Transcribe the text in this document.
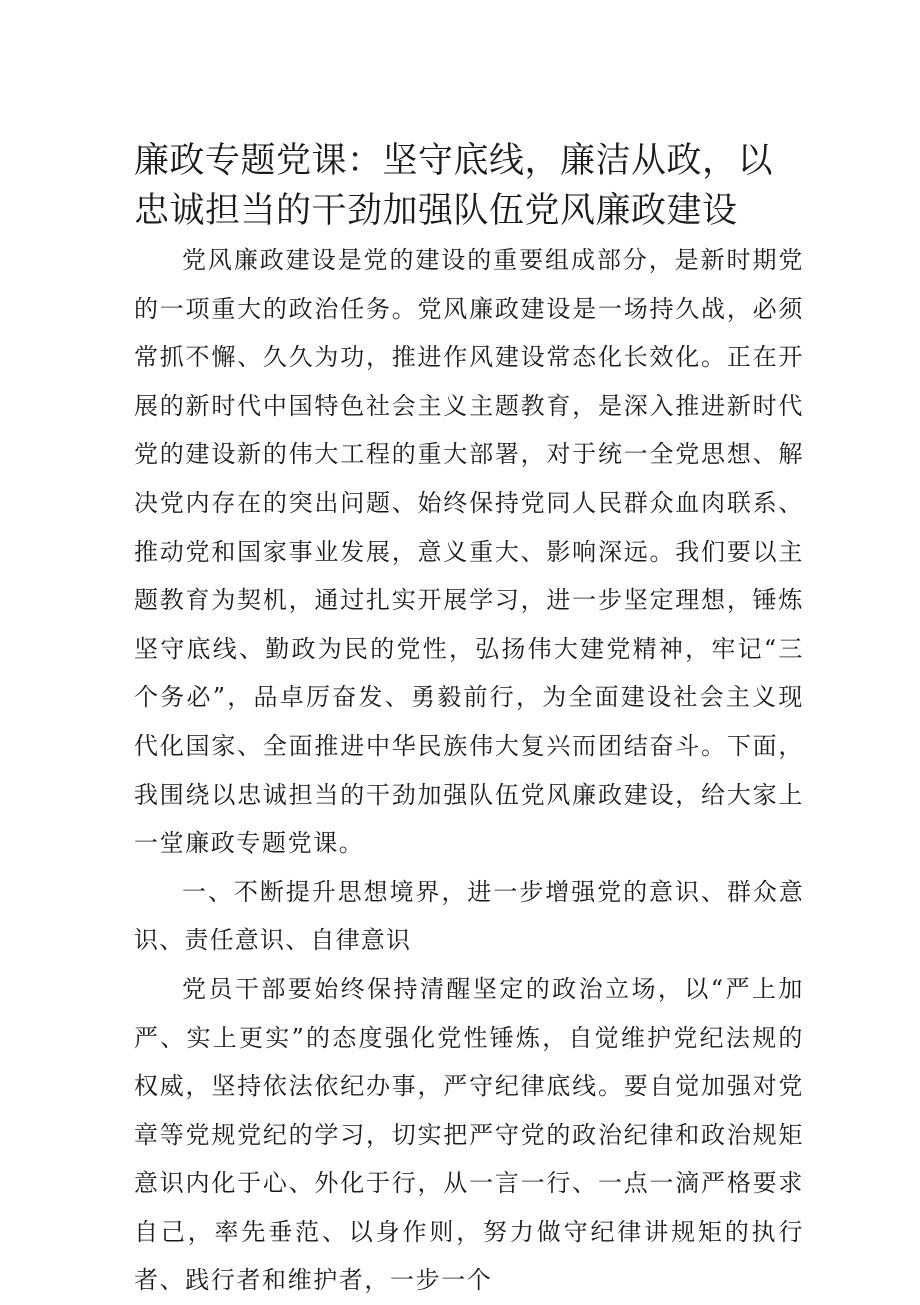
廉政专题党课：坚守底线，廉洁从政，以忠诚担当的干劲加强队伍党风廉政建设

党风廉政建设是党的建设的重要组成部分，是新时期党的一项重大的政治任务。党风廉政建设是一场持久战，必须常抓不懈、久久为功，推进作风建设常态化长效化。正在开展的新时代中国特色社会主义主题教育，是深入推进新时代党的建设新的伟大工程的重大部署，对于统一全党思想、解决党内存在的突出问题、始终保持党同人民群众血肉联系、推动党和国家事业发展，意义重大、影响深远。我们要以主题教育为契机，通过扎实开展学习，进一步坚定理想，锤炼坚守底线、勤政为民的党性，弘扬伟大建党精神，牢记“三个务必”，品卓厉奋发、勇毅前行，为全面建设社会主义现代化国家、全面推进中华民族伟大复兴而团结奋斗。下面，我围绕以忠诚担当的干劲加强队伍党风廉政建设，给大家上一堂廉政专题党课。

一、不断提升思想境界，进一步增强党的意识、群众意识、责任意识、自律意识

党员干部要始终保持清醒坚定的政治立场，以“严上加严、实上更实”的态度强化党性锤炼，自觉维护党纪法规的权威，坚持依法依纪办事，严守纪律底线。要自觉加强对党章等党规党纪的学习，切实把严守党的政治纪律和政治规矩意识内化于心、外化于行，从一言一行、一点一滴严格要求自己，率先垂范、以身作则，努力做守纪律讲规矩的执行者、践行者和维护者，一步一个
